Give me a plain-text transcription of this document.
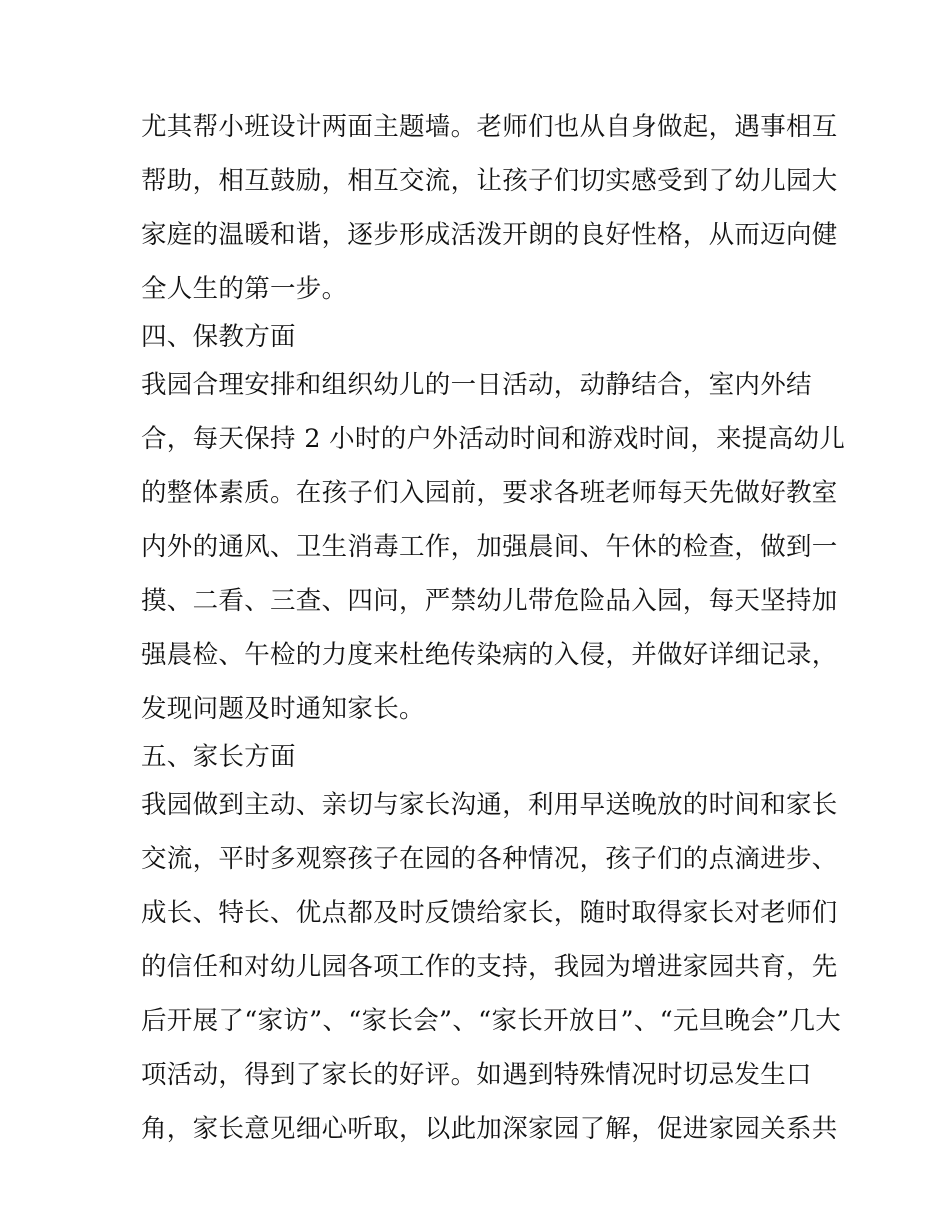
尤其帮小班设计两面主题墙。老师们也从自身做起，遇事相互
帮助，相互鼓励，相互交流，让孩子们切实感受到了幼儿园大
家庭的温暖和谐，逐步形成活泼开朗的良好性格，从而迈向健
全人生的第一步。
四、保教方面
我园合理安排和组织幼儿的一日活动，动静结合，室内外结
合，每天保持 2 小时的户外活动时间和游戏时间，来提高幼儿
的整体素质。在孩子们入园前，要求各班老师每天先做好教室
内外的通风、卫生消毒工作，加强晨间、午休的检查，做到一
摸、二看、三查、四问，严禁幼儿带危险品入园，每天坚持加
强晨检、午检的力度来杜绝传染病的入侵，并做好详细记录，
发现问题及时通知家长。
五、家长方面
我园做到主动、亲切与家长沟通，利用早送晚放的时间和家长
交流，平时多观察孩子在园的各种情况，孩子们的点滴进步、
成长、特长、优点都及时反馈给家长，随时取得家长对老师们
的信任和对幼儿园各项工作的支持，我园为增进家园共育，先
后开展了“家访”、“家长会”、“家长开放日”、“元旦晚会”几大
项活动，得到了家长的好评。如遇到特殊情况时切忌发生口
角，家长意见细心听取，以此加深家园了解，促进家园关系共
